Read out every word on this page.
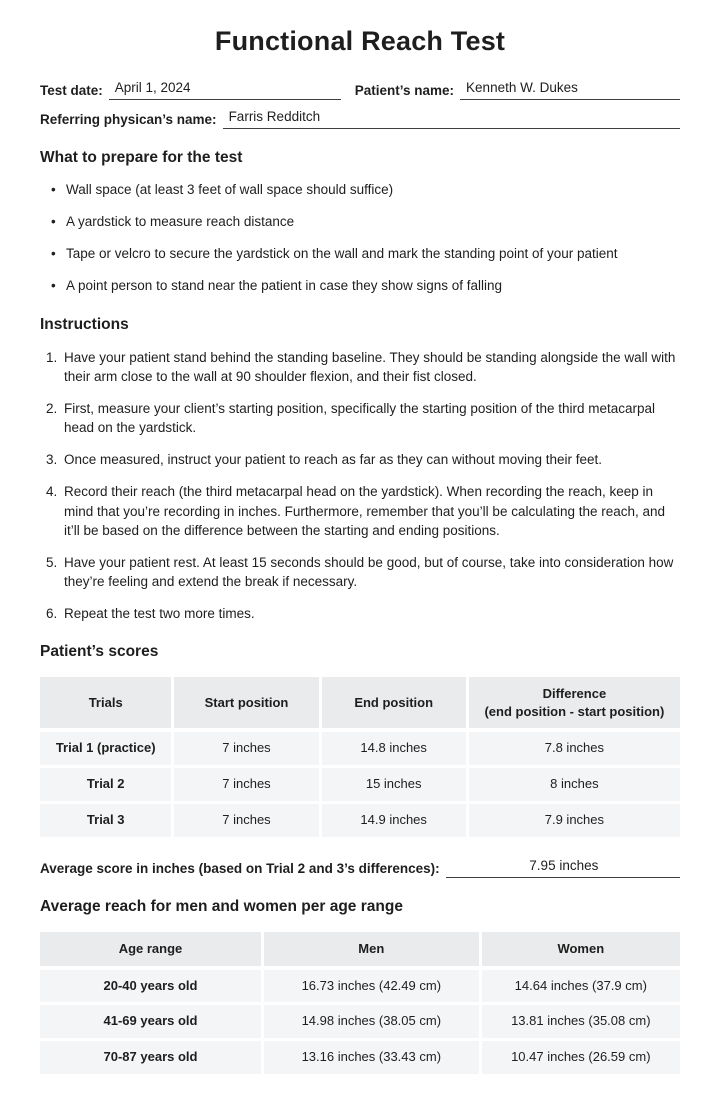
Functional Reach Test
Test date: April 1, 2024	Patient’s name: Kenneth W. Dukes
Referring physican’s name: Farris Redditch
What to prepare for the test
• Wall space (at least 3 feet of wall space should suffice)
• A yardstick to measure reach distance
• Tape or velcro to secure the yardstick on the wall and mark the standing point of your patient
• A point person to stand near the patient in case they show signs of falling
Instructions
Have your patient stand behind the standing baseline. They should be standing alongside the wall with their arm close to the wall at 90 shoulder flexion, and their fist closed.
First, measure your client’s starting position, specifically the starting position of the third metacarpal head on the yardstick.
Once measured, instruct your patient to reach as far as they can without moving their feet.
Record their reach (the third metacarpal head on the yardstick). When recording the reach, keep in mind that you’re recording in inches. Furthermore, remember that you’ll be calculating the reach, and it’ll be based on the difference between the starting and ending positions.
Have your patient rest. At least 15 seconds should be good, but of course, take into consideration how they’re feeling and extend the break if necessary.
Repeat the test two more times.
Patient’s scores
Trials	Start position	End position	Difference
(end position - start position)
Trial 1 (practice)	7 inches	14.8 inches	7.8 inches
Trial 2	7 inches	15 inches	8 inches
Trial 3	7 inches	14.9 inches	7.9 inches
Average score in inches (based on Trial 2 and 3’s differences):	7.95 inches
Average reach for men and women per age range
Age range	Men	Women
20-40 years old	16.73 inches (42.49 cm)	14.64 inches (37.9 cm)
41-69 years old	14.98 inches (38.05 cm)	13.81 inches (35.08 cm)
70-87 years old	13.16 inches (33.43 cm)	10.47 inches (26.59 cm)
